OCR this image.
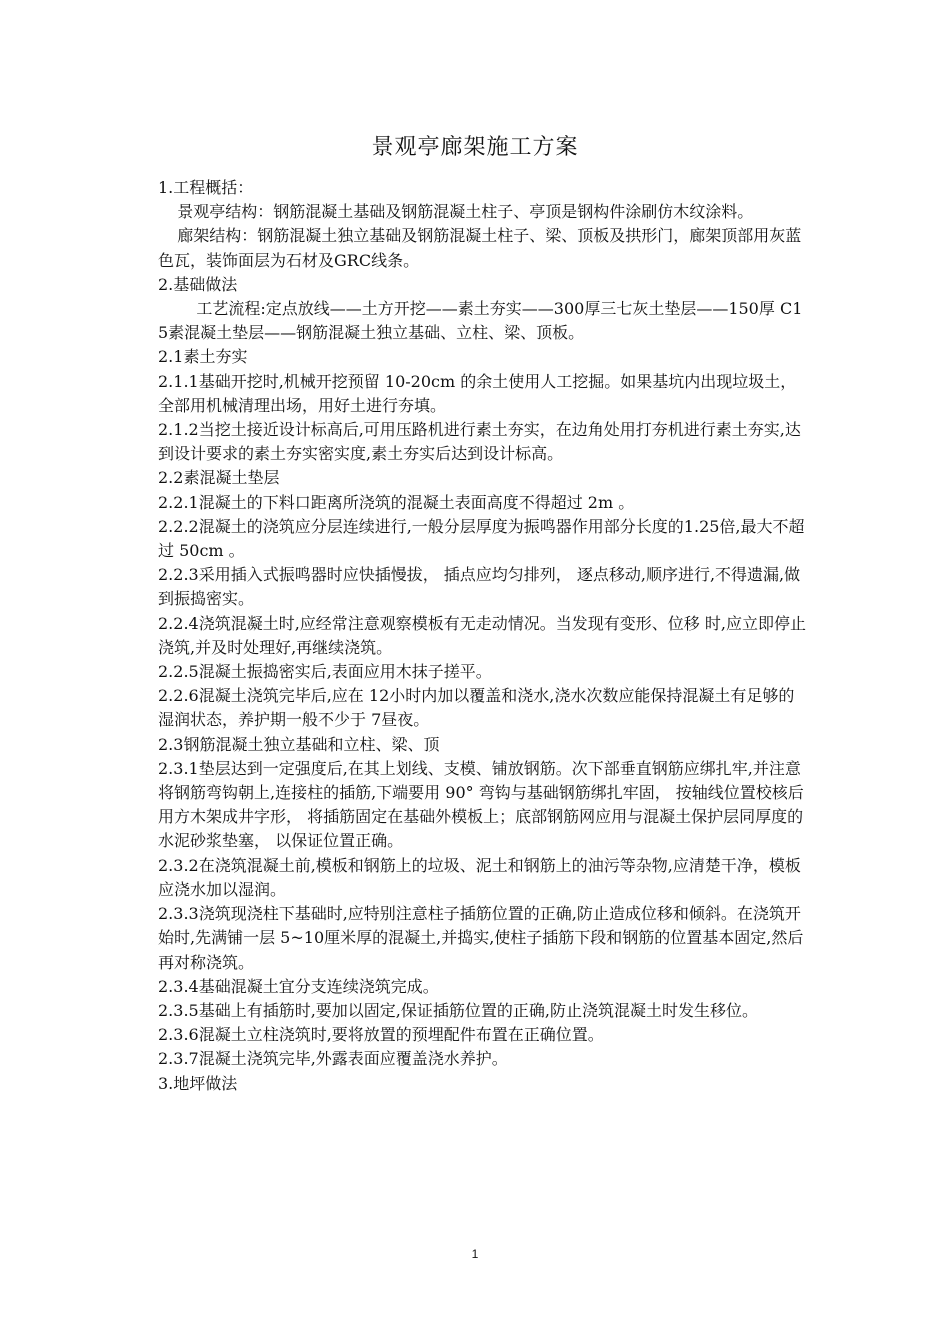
景观亭廊架施工方案

1.工程概括：

景观亭结构：钢筋混凝土基础及钢筋混凝土柱子、亭顶是钢构件涂刷仿木纹涂料。

廊架结构：钢筋混凝土独立基础及钢筋混凝土柱子、梁、顶板及拱形门，廊架顶部用灰蓝色瓦，装饰面层为石材及GRC线条。

2.基础做法

工艺流程:定点放线——土方开挖——素土夯实——300厚三七灰土垫层——150厚 C15素混凝土垫层——钢筋混凝土独立基础、立柱、梁、顶板。

2.1素土夯实

2.1.1基础开挖时,机械开挖预留 10-20cm 的余土使用人工挖掘。如果基坑内出现垃圾土，全部用机械清理出场，用好土进行夯填。

2.1.2当挖土接近设计标高后,可用压路机进行素土夯实，在边角处用打夯机进行素土夯实,达到设计要求的素土夯实密实度,素土夯实后达到设计标高。

2.2素混凝土垫层

2.2.1混凝土的下料口距离所浇筑的混凝土表面高度不得超过 2m 。

2.2.2混凝土的浇筑应分层连续进行,一般分层厚度为振鸣器作用部分长度的1.25倍,最大不超过 50cm 。

2.2.3采用插入式振鸣器时应快插慢拔， 插点应均匀排列， 逐点移动,顺序进行,不得遗漏,做到振捣密实。

2.2.4浇筑混凝土时,应经常注意观察模板有无走动情况。当发现有变形、位移 时,应立即停止浇筑,并及时处理好,再继续浇筑。

2.2.5混凝土振捣密实后,表面应用木抹子搓平。

2.2.6混凝土浇筑完毕后,应在 12小时内加以覆盖和浇水,浇水次数应能保持混凝土有足够的湿润状态，养护期一般不少于 7昼夜。

2.3钢筋混凝土独立基础和立柱、梁、顶

2.3.1垫层达到一定强度后,在其上划线、支模、铺放钢筋。次下部垂直钢筋应绑扎牢,并注意将钢筋弯钩朝上,连接柱的插筋,下端要用 90° 弯钩与基础钢筋绑扎牢固， 按轴线位置校核后用方木架成井字形， 将插筋固定在基础外模板上；底部钢筋网应用与混凝土保护层同厚度的水泥砂浆垫塞， 以保证位置正确。

2.3.2在浇筑混凝土前,模板和钢筋上的垃圾、泥土和钢筋上的油污等杂物,应清楚干净，模板应浇水加以湿润。

2.3.3浇筑现浇柱下基础时,应特别注意柱子插筋位置的正确,防止造成位移和倾斜。在浇筑开始时,先满铺一层 5~10厘米厚的混凝土,并捣实,使柱子插筋下段和钢筋的位置基本固定,然后再对称浇筑。

2.3.4基础混凝土宜分支连续浇筑完成。

2.3.5基础上有插筋时,要加以固定,保证插筋位置的正确,防止浇筑混凝土时发生移位。

2.3.6混凝土立柱浇筑时,要将放置的预埋配件布置在正确位置。

2.3.7混凝土浇筑完毕,外露表面应覆盖浇水养护。

3.地坪做法

1
